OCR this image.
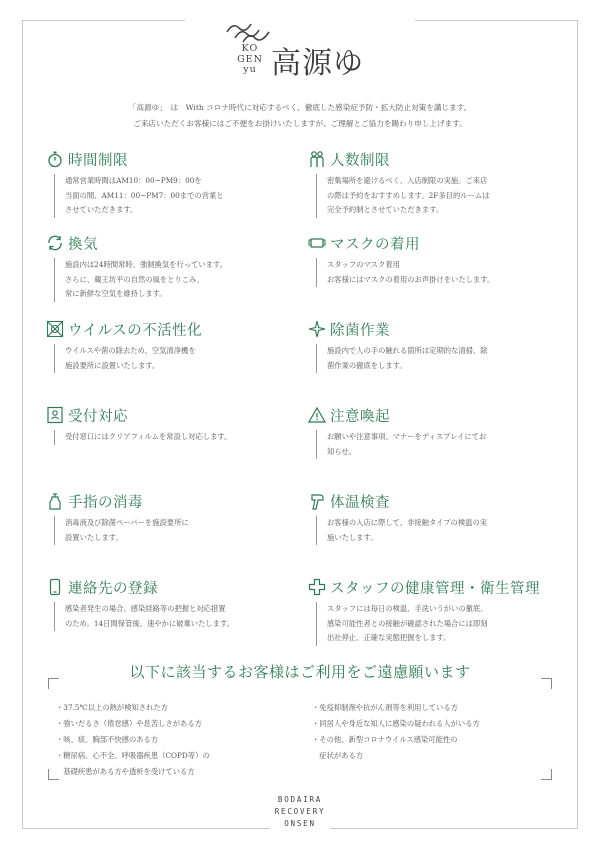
KO
GEN
yu 高源ゆ
「高源ゆ」　は　With コロナ時代に対応するべく、徹底した感染症予防・拡大防止対策を講じます。
ご来店いただくお客様にはご不便をお掛けいたしますが、ご理解とご協力を賜わり申し上げます。
時間制限
通常営業時間はAM10：00~PM9：00を
当面の間、AM11：00~PM7：00までの営業と
させていただきます。
人数制限
密集場所を避けるべく、入店制限の実施。ご来店
の際は予約をおすすめします。2F多目的ルームは
完全予約制とさせていただきます。
換気
施設内は24時間常時、強制換気を行っています。
さらに、蔵王坊平の自然の風をとりこみ、
常に新鮮な空気を維持します。
マスクの着用
スタッフのマスク着用
お客様にはマスクの着用のお声掛けをいたします。
ウイルスの不活性化
ウイルスや菌の除去ため、空気清浄機を
施設要所に設置いたします。
除菌作業
施設内で人の手の触れる箇所は定期的な清掃、除
菌作業の徹底をします。
受付対応
受付窓口にはクリアフィルムを常設し対応します。
注意喚起
お願いや注意事項、マナーをディスプレイにてお
知らせ。
手指の消毒
消毒液及び除菌ペーパーを施設要所に
設置いたします。
体温検査
お客様の入店に際して、非接触タイプの検温の実
施いたします。
連絡先の登録
感染者発生の場合、感染経路等の把握と対応措置
のため。14日間保管後、速やかに破棄いたします。
スタッフの健康管理・衛生管理
スタッフには毎日の検温、手洗いうがいの徹底、
感染可能性者との接触が確認された場合には即刻
出社停止、正確な実態把握をします。
以下に該当するお客様はご利用をご遠慮願います
・37.5℃以上の熱が検知された方
・強いだるさ（倦怠感）や息苦しさがある方
・咳、痰、胸部不快感のある方
・糖尿病、心不全、呼吸器疾患（COPD等）の
　基礎疾患がある方や透析を受けている方
・免疫抑制剤や抗がん剤等を利用している方
・同居人や身近な知人に感染の疑われる人がいる方
・その他、新型コロナウイルス感染可能性の
　症状がある方
BODAIRA
RECOVERY
ONSEN
